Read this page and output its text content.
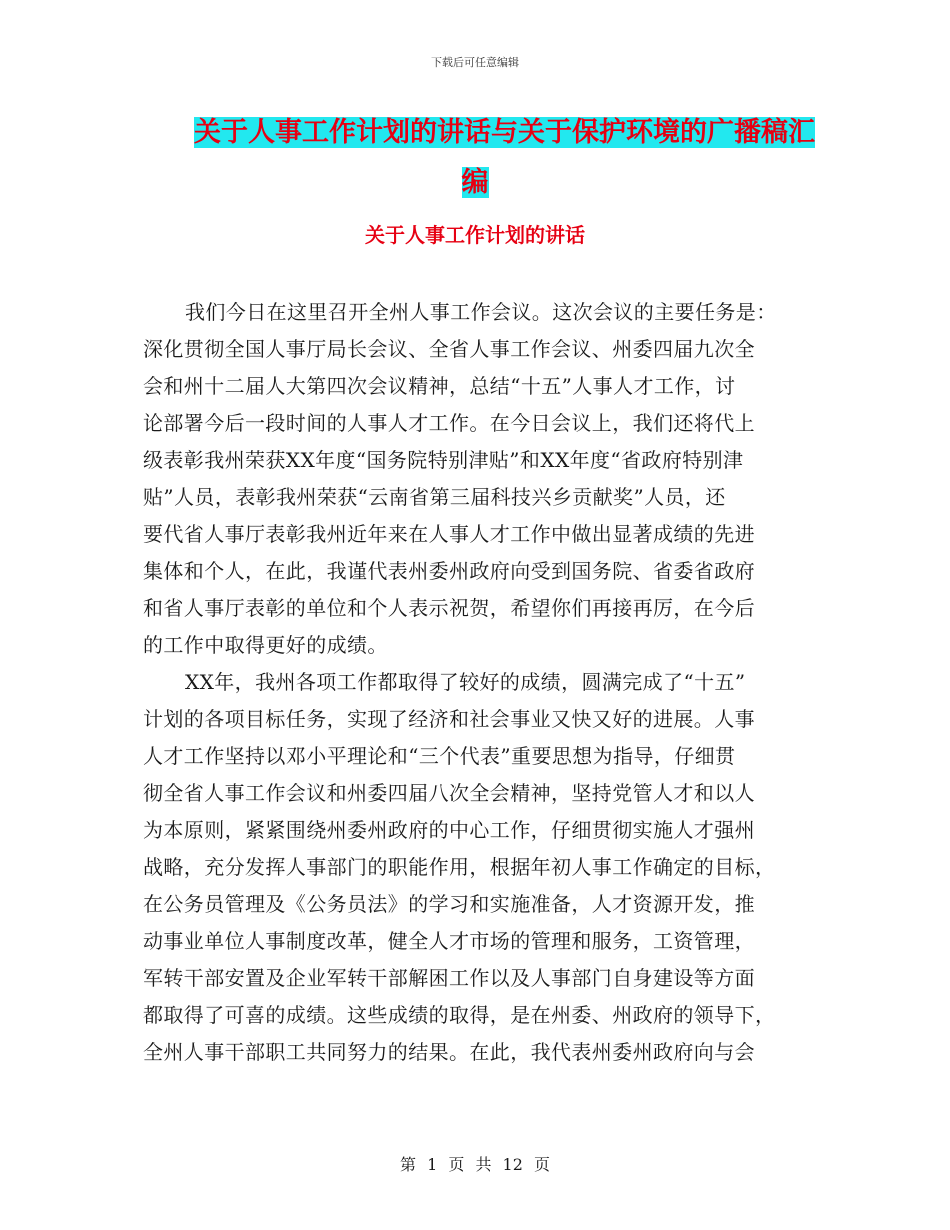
下载后可任意编辑
关于人事工作计划的讲话与关于保护环境的广播稿汇
编
关于人事工作计划的讲话
我们今日在这里召开全州人事工作会议。这次会议的主要任务是：
深化贯彻全国人事厅局长会议、全省人事工作会议、州委四届九次全
会和州十二届人大第四次会议精神，总结“十五”人事人才工作，讨
论部署今后一段时间的人事人才工作。在今日会议上，我们还将代上
级表彰我州荣获XX年度“国务院特别津贴”和XX年度“省政府特别津
贴”人员，表彰我州荣获“云南省第三届科技兴乡贡献奖”人员，还
要代省人事厅表彰我州近年来在人事人才工作中做出显著成绩的先进
集体和个人，在此，我谨代表州委州政府向受到国务院、省委省政府
和省人事厅表彰的单位和个人表示祝贺，希望你们再接再厉，在今后
的工作中取得更好的成绩。
XX年，我州各项工作都取得了较好的成绩，圆满完成了“十五”
计划的各项目标任务，实现了经济和社会事业又快又好的进展。人事
人才工作坚持以邓小平理论和“三个代表”重要思想为指导，仔细贯
彻全省人事工作会议和州委四届八次全会精神，坚持党管人才和以人
为本原则，紧紧围绕州委州政府的中心工作，仔细贯彻实施人才强州
战略，充分发挥人事部门的职能作用，根据年初人事工作确定的目标，
在公务员管理及《公务员法》的学习和实施准备，人才资源开发，推
动事业单位人事制度改革，健全人才市场的管理和服务，工资管理，
军转干部安置及企业军转干部解困工作以及人事部门自身建设等方面
都取得了可喜的成绩。这些成绩的取得，是在州委、州政府的领导下，
全州人事干部职工共同努力的结果。在此，我代表州委州政府向与会
第 1 页 共 12 页
